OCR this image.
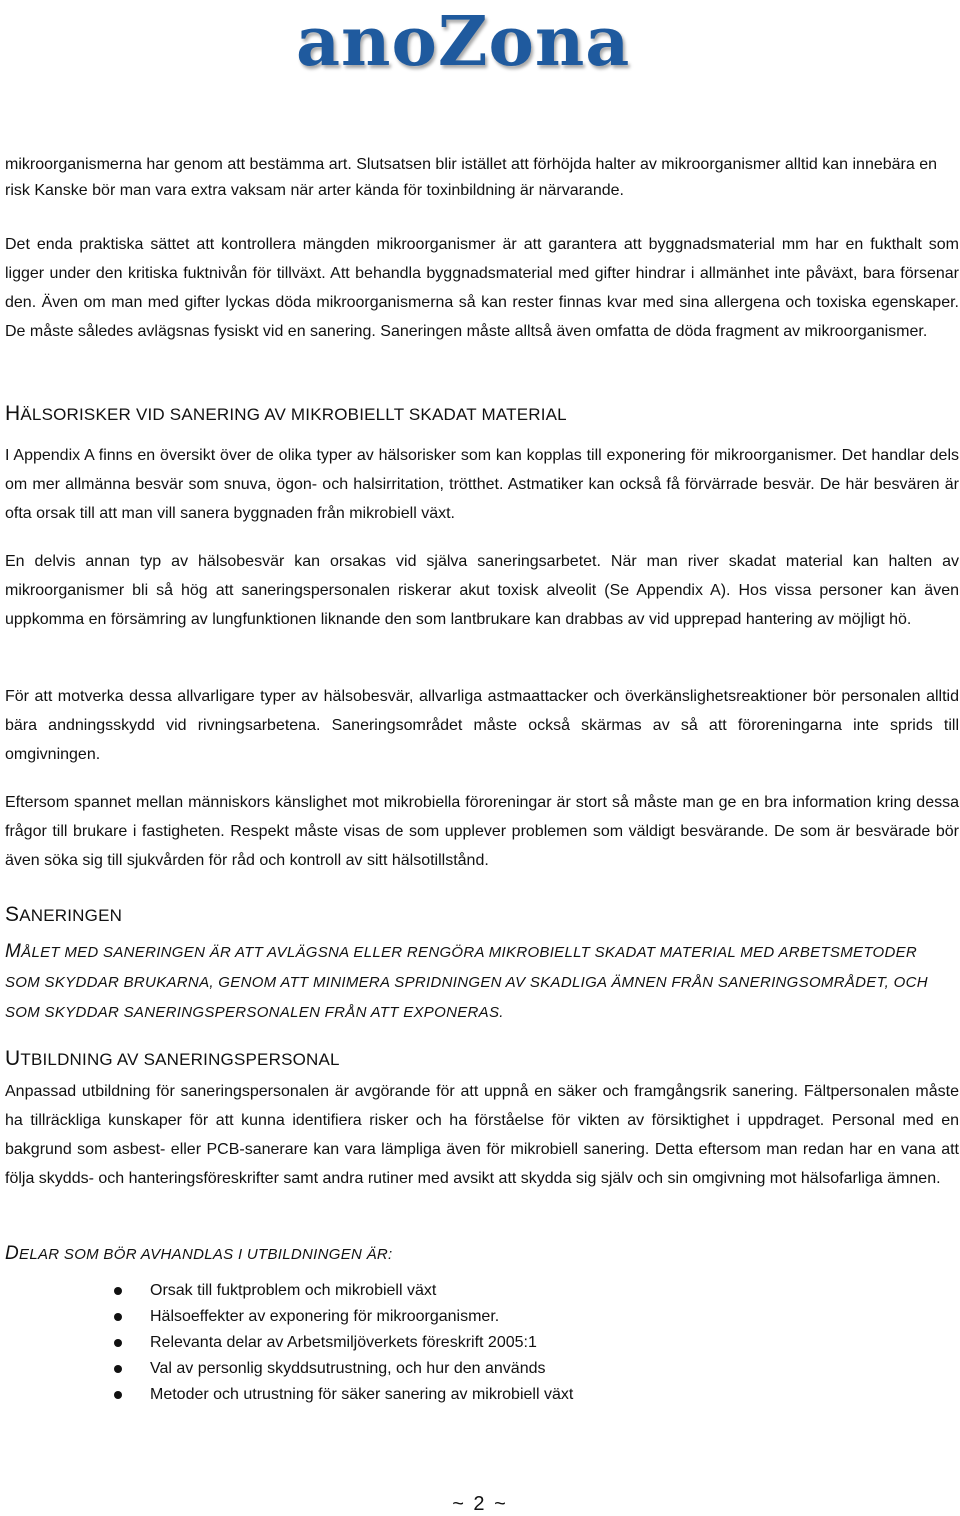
anoZona

mikroorganismerna har genom att bestämma art. Slutsatsen blir istället att förhöjda halter av mikroorganismer alltid kan innebära en risk Kanske bör man vara extra vaksam när arter kända för toxinbildning är närvarande.

Det enda praktiska sättet att kontrollera mängden mikroorganismer är att garantera att byggnadsmaterial mm har en fukthalt som ligger under den kritiska fuktnivån för tillväxt. Att behandla byggnadsmaterial med gifter hindrar i allmänhet inte påväxt, bara försenar den. Även om man med gifter lyckas döda mikroorganismerna så kan rester finnas kvar med sina allergena och toxiska egenskaper. De måste således avlägsnas fysiskt vid en sanering. Saneringen måste alltså även omfatta de döda fragment av mikroorganismer.

HÄLSORISKER VID SANERING AV MIKROBIELLT SKADAT MATERIAL

I Appendix A finns en översikt över de olika typer av hälsorisker som kan kopplas till exponering för mikroorganismer. Det handlar dels om mer allmänna besvär som snuva, ögon- och halsirritation, trötthet. Astmatiker kan också få förvärrade besvär. De här besvären är ofta orsak till att man vill sanera byggnaden från mikrobiell växt.

En delvis annan typ av hälsobesvär kan orsakas vid själva saneringsarbetet. När man river skadat material kan halten av mikroorganismer bli så hög att saneringspersonalen riskerar akut toxisk alveolit (Se Appendix A). Hos vissa personer kan även uppkomma en försämring av lungfunktionen liknande den som lantbrukare kan drabbas av vid upprepad hantering av möjligt hö.

För att motverka dessa allvarligare typer av hälsobesvär, allvarliga astmaattacker och överkänslighetsreaktioner bör personalen alltid bära andningsskydd vid rivningsarbetena. Saneringsområdet måste också skärmas av så att föroreningarna inte sprids till omgivningen.

Eftersom spannet mellan människors känslighet mot mikrobiella föroreningar är stort så måste man ge en bra information kring dessa frågor till brukare i fastigheten. Respekt måste visas de som upplever problemen som väldigt besvärande. De som är besvärade bör även söka sig till sjukvården för råd och kontroll av sitt hälsotillstånd.

SANERINGEN
MÅLET MED SANERINGEN ÄR ATT AVLÄGSNA ELLER RENGÖRA MIKROBIELLT SKADAT MATERIAL MED ARBETSMETODER SOM SKYDDAR BRUKARNA, GENOM ATT MINIMERA SPRIDNINGEN AV SKADLIGA ÄMNEN FRÅN SANERINGSOMRÅDET, OCH SOM SKYDDAR SANERINGSPERSONALEN FRÅN ATT EXPONERAS.
UTBILDNING AV SANERINGSPERSONAL

Anpassad utbildning för saneringspersonalen är avgörande för att uppnå en säker och framgångsrik sanering. Fältpersonalen måste ha tillräckliga kunskaper för att kunna identifiera risker och ha förståelse för vikten av försiktighet i uppdraget. Personal med en bakgrund som asbest- eller PCB-sanerare kan vara lämpliga även för mikrobiell sanering. Detta eftersom man redan har en vana att följa skydds- och hanteringsföreskrifter samt andra rutiner med avsikt att skydda sig själv och sin omgivning mot hälsofarliga ämnen.

DELAR SOM BÖR AVHANDLAS I UTBILDNINGEN ÄR:
Orsak till fuktproblem och mikrobiell växt
Hälsoeffekter av exponering för mikroorganismer.
Relevanta delar av Arbetsmiljöverkets föreskrift 2005:1
Val av personlig skyddsutrustning, och hur den används
Metoder och utrustning för säker sanering av mikrobiell växt
~ 2 ~
